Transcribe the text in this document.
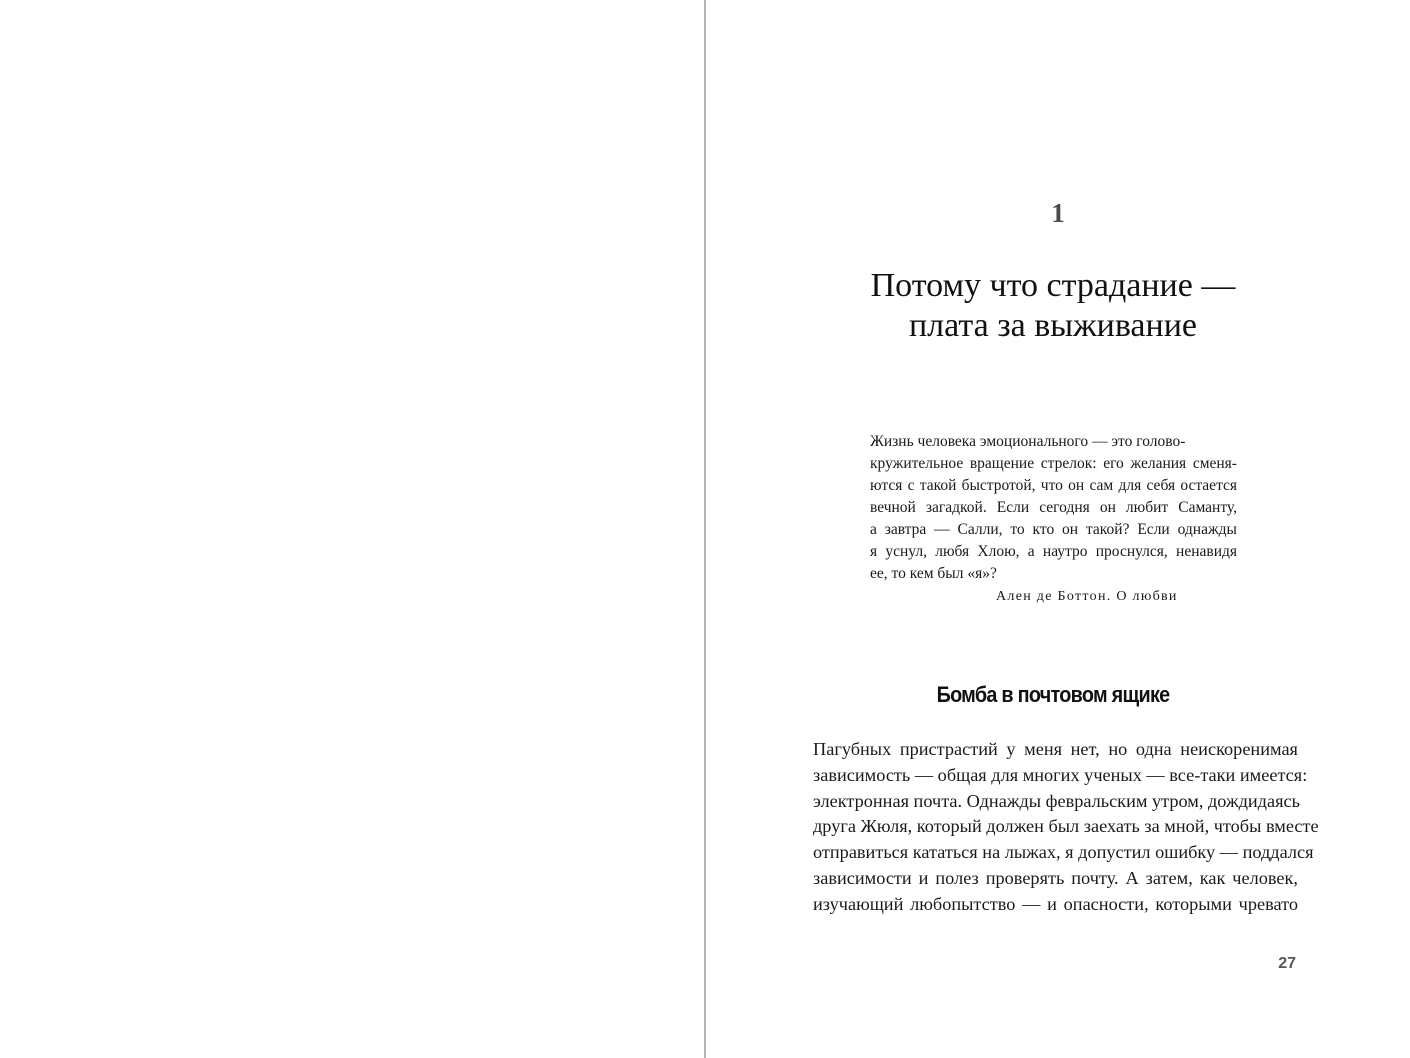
1
Потому что страдание —
плата за выживание
Жизнь человека эмоционального — это голово-
кружительное вращение стрелок: его желания сменя-
ются с такой быстротой, что он сам для себя остается
вечной загадкой. Если сегодня он любит Саманту,
а завтра — Салли, то кто он такой? Если однажды
я уснул, любя Хлою, а наутро проснулся, ненавидя
ее, то кем был «я»?
Ален де Боттон. О любви
Бомба в почтовом ящике
Пагубных пристрастий у меня нет, но одна неискоренимая
зависимость — общая для многих ученых — все-таки имеется:
электронная почта. Однажды февральским утром, дождидаясь
друга Жюля, который должен был заехать за мной, чтобы вместе
отправиться кататься на лыжах, я допустил ошибку — поддался
зависимости и полез проверять почту. А затем, как человек,
изучающий любопытство — и опасности, которыми чревато
27
